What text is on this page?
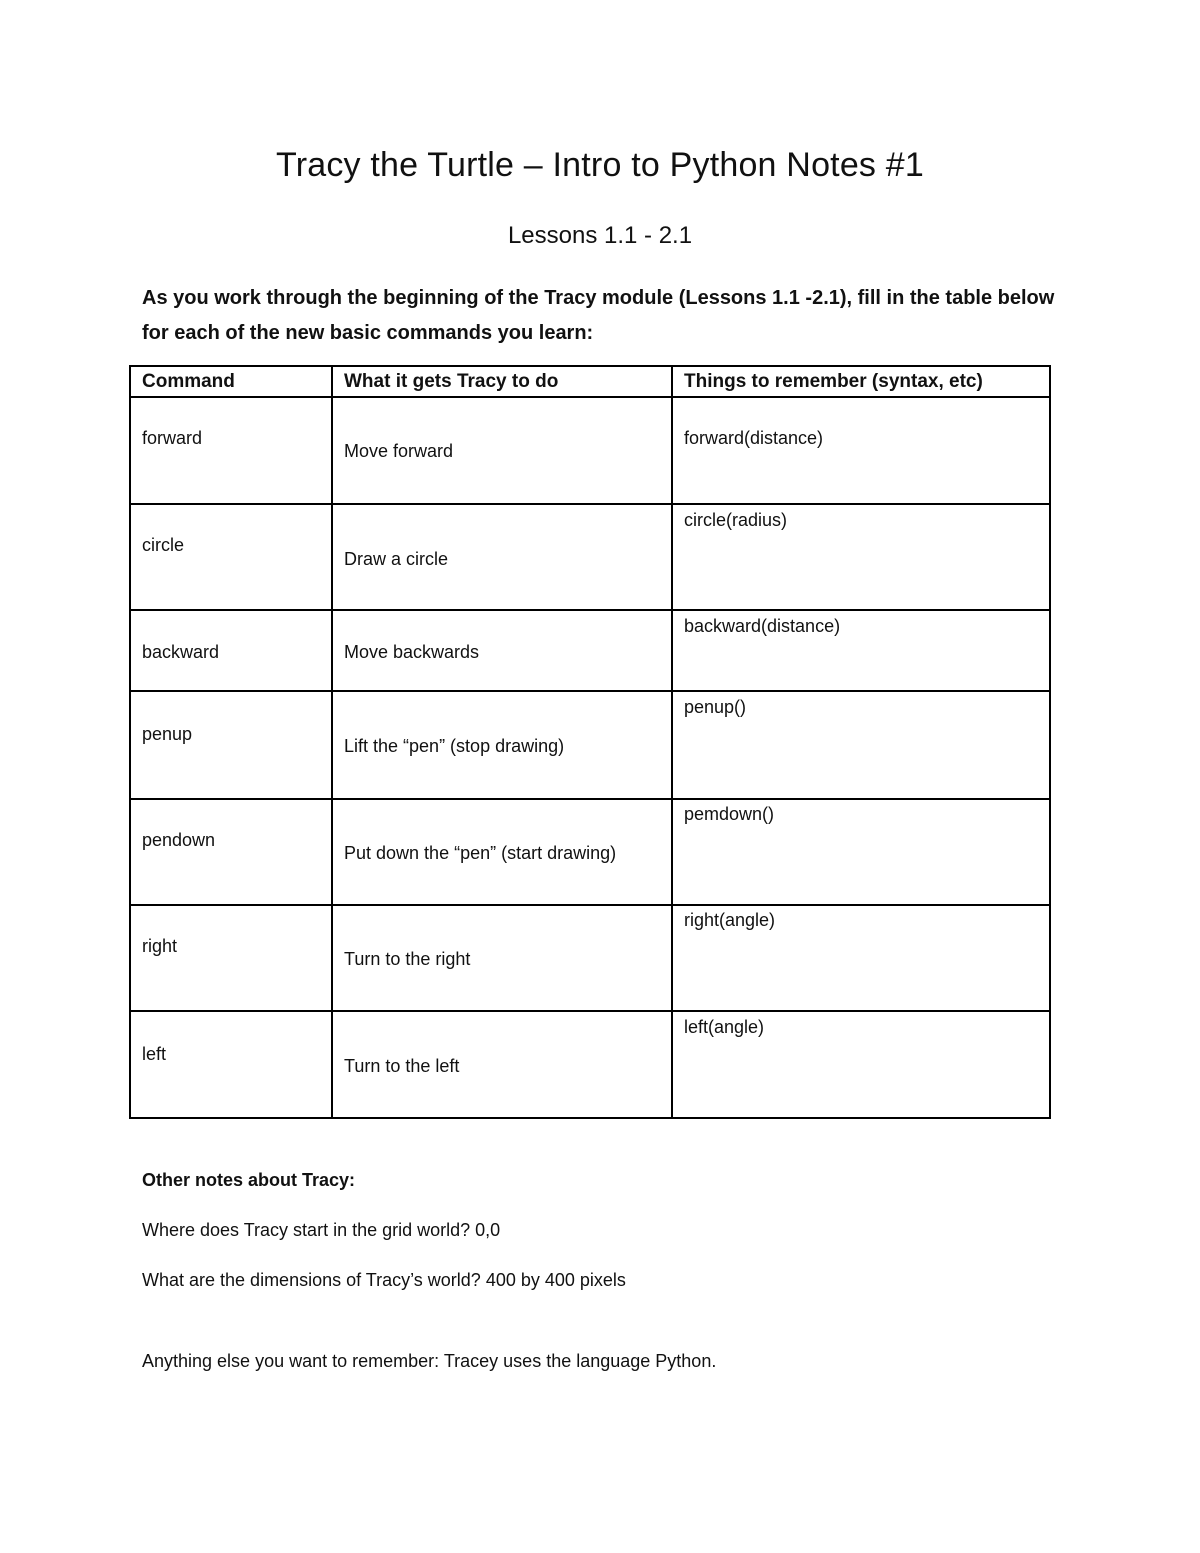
Tracy the Turtle – Intro to Python Notes #1
Lessons 1.1 - 2.1
As you work through the beginning of the Tracy module (Lessons 1.1 -2.1), fill in the table below for each of the new basic commands you learn:
Command	What it gets Tracy to do	Things to remember (syntax, etc)

forward	Move forward	forward(distance)

circle	Draw a circle	circle(radius)

backward	Move backwards	backward(distance)

penup	Lift the “pen” (stop drawing)	penup()

pendown	Put down the “pen” (start drawing)	pemdown()

right	Turn to the right	right(angle)

left	Turn to the left	left(angle)
Other notes about Tracy:
Where does Tracy start in the grid world? 0,0
What are the dimensions of Tracy’s world? 400 by 400 pixels
Anything else you want to remember: Tracey uses the language Python.
